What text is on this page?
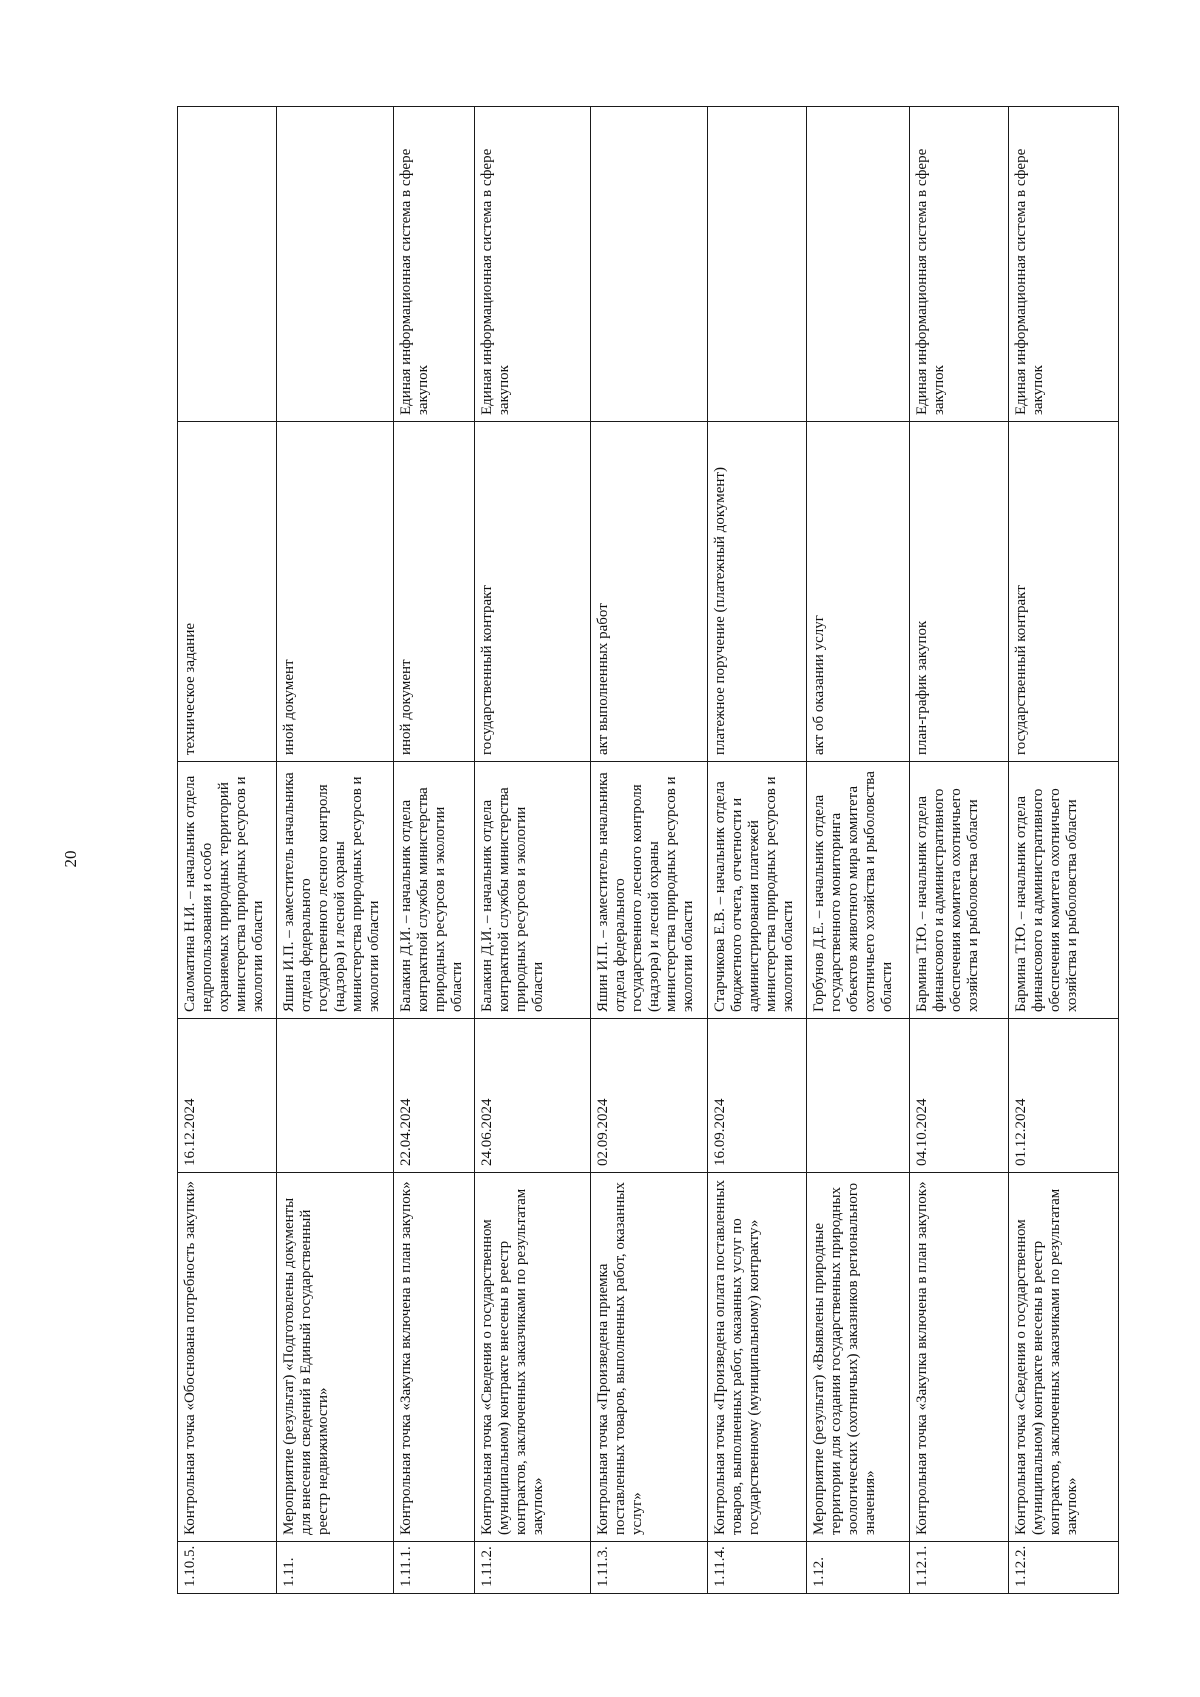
20
1.10.5.	Контрольная точка «Обоснована потребность закупки»	16.12.2024	Саломатина Н.И. – начальник отдела недропользования и особо охраняемых природных территорий министерства природных ресурсов и экологии области	техническое задание	
1.11.	Мероприятие (результат) «Подготовлены документы для внесения сведений в Единый государственный реестр недвижимости»		Яшин И.П. – заместитель начальника отдела федерального государственного лесного контроля (надзора) и лесной охраны министерства природных ресурсов и экологии области	иной документ	
1.11.1.	Контрольная точка «Закупка включена в план закупок»	22.04.2024	Балакин Д.И. – начальник отдела контрактной службы министерства природных ресурсов и экологии области	иной документ	Единая информационная система в сфере закупок
1.11.2.	Контрольная точка «Сведения о государственном (муниципальном) контракте внесены в реестр контрактов, заключенных заказчиками по результатам закупок»	24.06.2024	Балакин Д.И. – начальник отдела контрактной службы министерства природных ресурсов и экологии области	государственный контракт	Единая информационная система в сфере закупок
1.11.3.	Контрольная точка «Произведена приемка поставленных товаров, выполненных работ, оказанных услуг»	02.09.2024	Яшин И.П. – заместитель начальника отдела федерального государственного лесного контроля (надзора) и лесной охраны министерства природных ресурсов и экологии области	акт выполненных работ	
1.11.4.	Контрольная точка «Произведена оплата поставленных товаров, выполненных работ, оказанных услуг по государственному (муниципальному) контракту»	16.09.2024	Старчикова Е.В. – начальник отдела бюджетного отчета, отчетности и администрирования платежей министерства природных ресурсов и экологии области	платежное поручение (платежный документ)	
1.12.	Мероприятие (результат) «Выявлены природные территории для создания государственных природных зоологических (охотничьих) заказников регионального значения»		Горбунов Д.Е. – начальник отдела государственного мониторинга объектов животного мира комитета охотничьего хозяйства и рыболовства области	акт об оказании услуг	
1.12.1.	Контрольная точка «Закупка включена в план закупок»	04.10.2024	Бармина Т.Ю. – начальник отдела финансового и административного обеспечения комитета охотничьего хозяйства и рыболовства области	план-график закупок	Единая информационная система в сфере закупок
1.12.2.	Контрольная точка «Сведения о государственном (муниципальном) контракте внесены в реестр контрактов, заключенных заказчиками по результатам закупок»	01.12.2024	Бармина Т.Ю. – начальник отдела финансового и административного обеспечения комитета охотничьего хозяйства и рыболовства области	государственный контракт	Единая информационная система в сфере закупок
